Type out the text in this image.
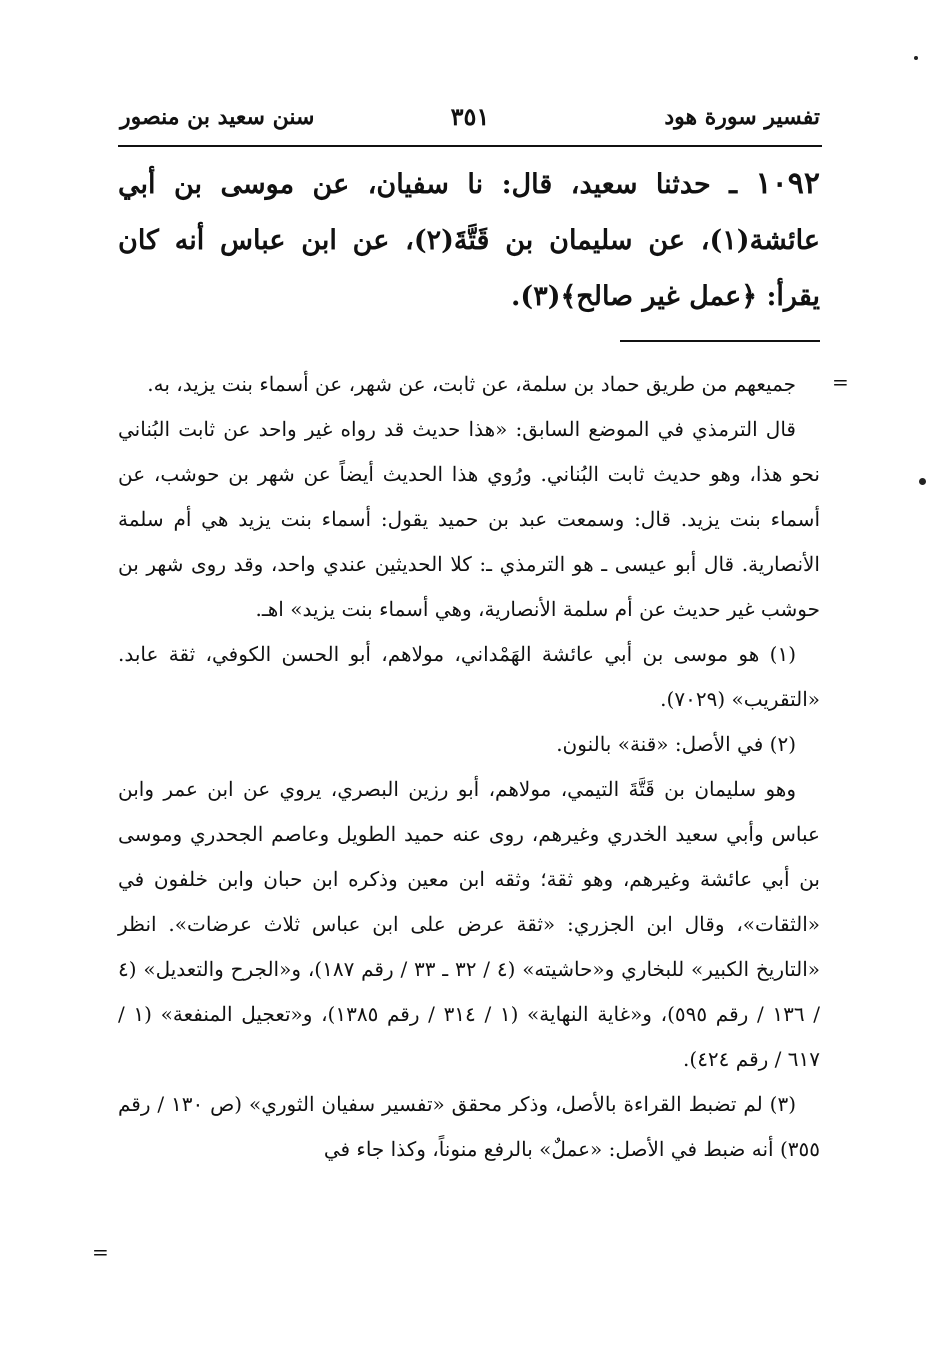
تفسير سورة هود
٣٥١
سنن سعيد بن منصور

١٠٩٢ ـ حدثنا سعيد، قال: نا سفيان، عن موسى بن أبي عائشة(١)، عن سليمان بن قَتَّةَ(٢)، عن ابن عباس أنه كان يقرأ: ﴿عمل غير صالح﴾(٣).

جميعهم من طريق حماد بن سلمة، عن ثابت، عن شهر، عن أسماء بنت يزيد، به.

قال الترمذي في الموضع السابق: «هذا حديث قد رواه غير واحد عن ثابت البُناني نحو هذا، وهو حديث ثابت البُناني. ورُوي هذا الحديث أيضاً عن شهر بن حوشب، عن أسماء بنت يزيد. قال: وسمعت عبد بن حميد يقول: أسماء بنت يزيد هي أم سلمة الأنصارية. قال أبو عيسى ـ هو الترمذي ـ: كلا الحديثين عندي واحد، وقد روى شهر بن حوشب غير حديث عن أم سلمة الأنصارية، وهي أسماء بنت يزيد» اهـ.

(١) هو موسى بن أبي عائشة الهَمْداني، مولاهم، أبو الحسن الكوفي، ثقة عابد. «التقريب» (٧٠٢٩).

(٢) في الأصل: «قنة» بالنون.

وهو سليمان بن قَتَّةَ التيمي، مولاهم، أبو رزين البصري، يروي عن ابن عمر وابن عباس وأبي سعيد الخدري وغيرهم، روى عنه حميد الطويل وعاصم الجحدري وموسى بن أبي عائشة وغيرهم، وهو ثقة؛ وثقه ابن معين وذكره ابن حبان وابن خلفون في «الثقات»، وقال ابن الجزري: «ثقة عرض على ابن عباس ثلاث عرضات». انظر «التاريخ الكبير» للبخاري و«حاشيته» (٤ / ٣٢ ـ ٣٣ / رقم ١٨٧)، و«الجرح والتعديل» (٤ / ١٣٦ / رقم ٥٩٥)، و«غاية النهاية» (١ / ٣١٤ / رقم ١٣٨٥)، و«تعجيل المنفعة» (١ / ٦١٧ / رقم ٤٢٤).

(٣) لم تضبط القراءة بالأصل، وذكر محقق «تفسير سفيان الثوري» (ص ١٣٠ / رقم ٣٥٥) أنه ضبط في الأصل: «عملٌ» بالرفع منوناً، وكذا جاء في

=
=
